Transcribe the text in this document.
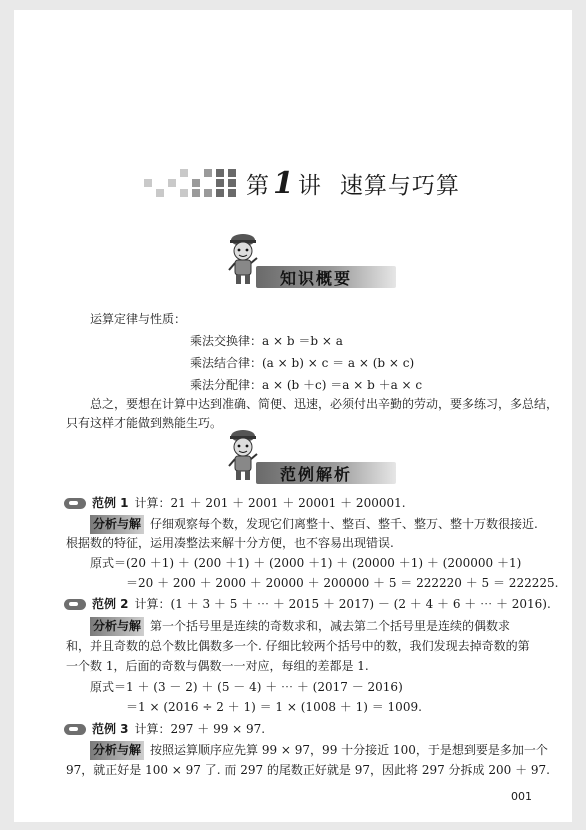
第 1 讲 速算与巧算
知识概要
运算定律与性质：
乘法交换律：a × b ＝b × a
乘法结合律：(a × b) × c ＝ a × (b × c)
乘法分配律：a × (b ＋c) ＝a × b ＋a × c
总之，要想在计算中达到准确、简便、迅速，必须付出辛勤的劳动，要多练习，多总结，
只有这样才能做到熟能生巧。
范例解析
范例 1 计算：21 ＋ 201 ＋ 2001 ＋ 20001 ＋ 200001.
分析与解 仔细观察每个数，发现它们离整十、整百、整千、整万、整十万数很接近.
根据数的特征，运用凑整法来解十分方便，也不容易出现错误.
原式＝(20 ＋1) ＋ (200 ＋1) ＋ (2000 ＋1) ＋ (20000 ＋1) ＋ (200000 ＋1)
＝20 ＋ 200 ＋ 2000 ＋ 20000 ＋ 200000 ＋ 5 ＝ 222220 ＋ 5 ＝ 222225.
范例 2 计算：(1 ＋ 3 ＋ 5 ＋ ⋯ ＋ 2015 ＋ 2017) － (2 ＋ 4 ＋ 6 ＋ ⋯ ＋ 2016).
分析与解 第一个括号里是连续的奇数求和，减去第二个括号里是连续的偶数求
和，并且奇数的总个数比偶数多一个. 仔细比较两个括号中的数，我们发现去掉奇数的第
一个数 1，后面的奇数与偶数一一对应，每组的差都是 1.
原式＝1 ＋ (3 － 2) ＋ (5 － 4) ＋ ⋯ ＋ (2017 － 2016)
＝1 × (2016 ÷ 2 ＋ 1) ＝ 1 × (1008 ＋ 1) ＝ 1009.
范例 3 计算：297 ＋ 99 × 97.
分析与解 按照运算顺序应先算 99 × 97，99 十分接近 100，于是想到要是多加一个
97，就正好是 100 × 97 了. 而 297 的尾数正好就是 97，因此将 297 分拆成 200 ＋ 97.
001
